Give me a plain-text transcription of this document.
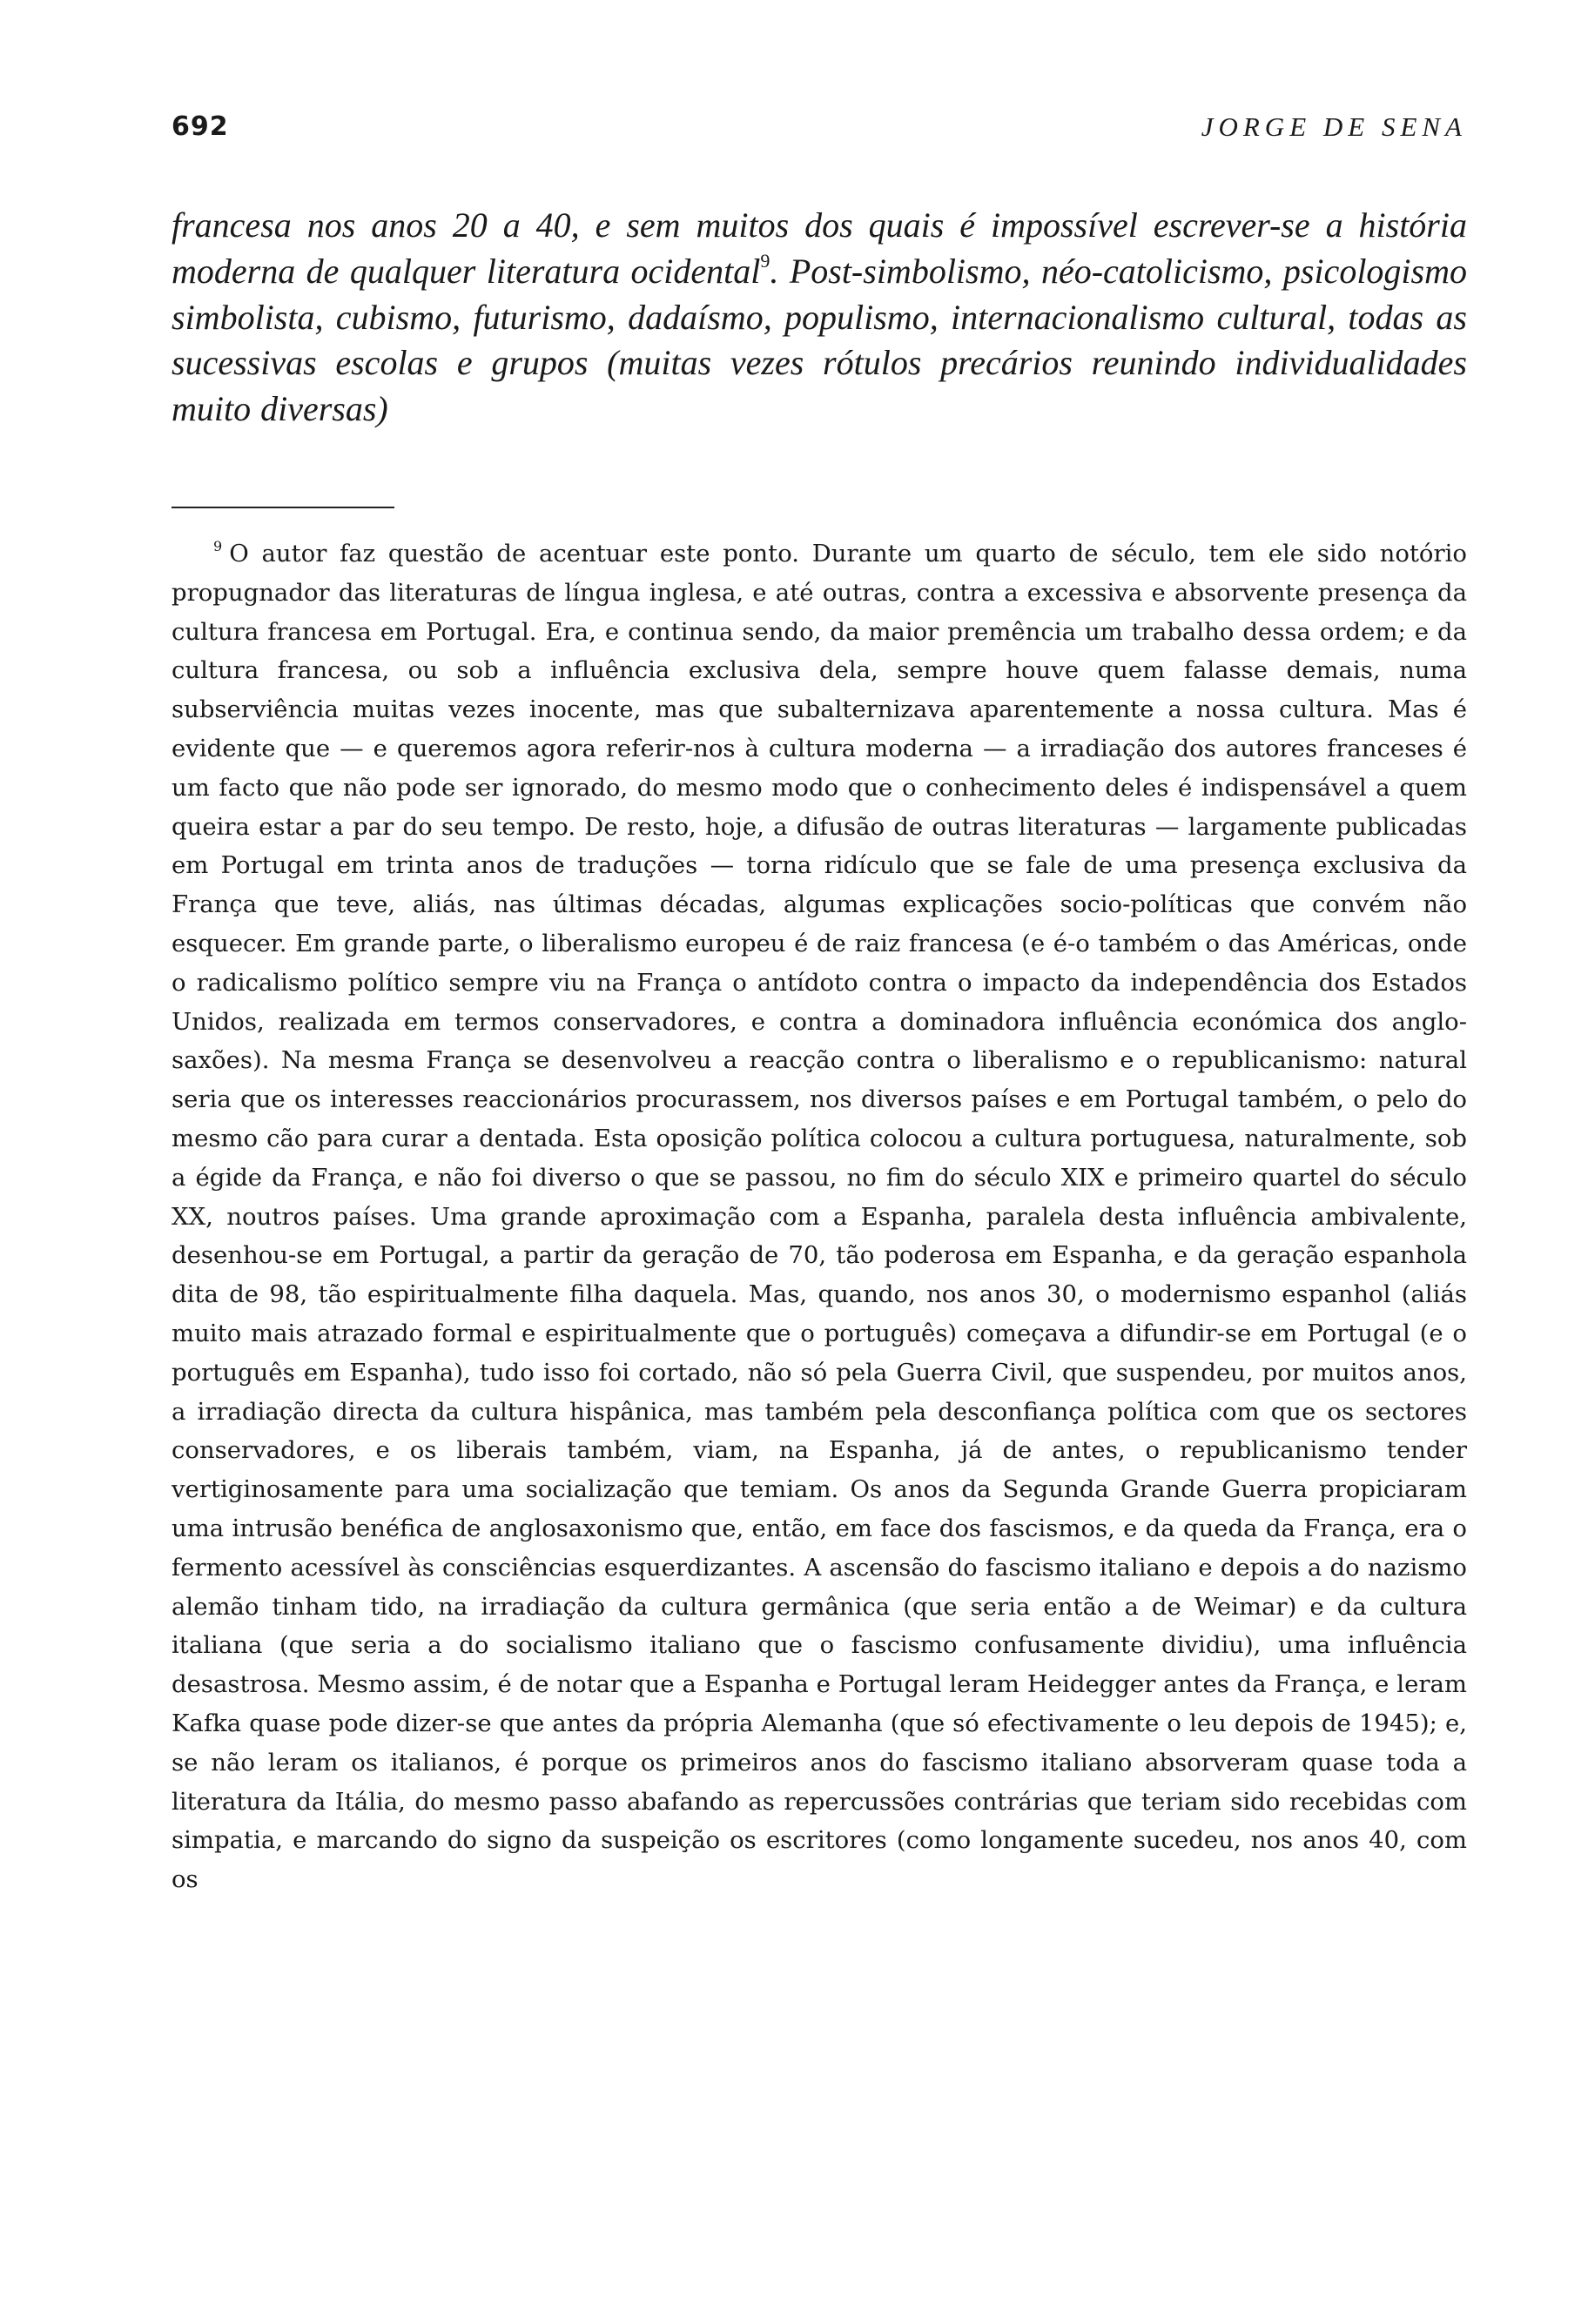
692	JORGE DE SENA

francesa nos anos 20 a 40, e sem muitos dos quais é impossível escrever-se a história moderna de qualquer literatura ocidental$^9$. Post-simbolismo, néo-catolicismo, psicologismo simbolista, cubismo, futurismo, dadaísmo, populismo, internacionalismo cultural, todas as sucessivas escolas e grupos (muitas vezes rótulos precários reunindo individualidades muito diversas)

$^9$ O autor faz questão de acentuar este ponto. Durante um quarto de século, tem ele sido notório propugnador das literaturas de língua inglesa, e até outras, contra a excessiva e absorvente presença da cultura francesa em Portugal. Era, e continua sendo, da maior premência um trabalho dessa ordem; e da cultura francesa, ou sob a influência exclusiva dela, sempre houve quem falasse demais, numa subserviência muitas vezes inocente, mas que subalternizava aparentemente a nossa cultura. Mas é evidente que — e queremos agora referir-nos à cultura moderna — a irradiação dos autores franceses é um facto que não pode ser ignorado, do mesmo modo que o conhecimento deles é indispensável a quem queira estar a par do seu tempo. De resto, hoje, a difusão de outras literaturas — largamente publicadas em Portugal em trinta anos de traduções — torna ridículo que se fale de uma presença exclusiva da França que teve, aliás, nas últimas décadas, algumas explicações socio-políticas que convém não esquecer. Em grande parte, o liberalismo europeu é de raiz francesa (e é-o também o das Américas, onde o radicalismo político sempre viu na França o antídoto contra o impacto da independência dos Estados Unidos, realizada em termos conservadores, e contra a dominadora influência económica dos anglo-saxões). Na mesma França se desenvolveu a reacção contra o liberalismo e o republicanismo: natural seria que os interesses reaccionários procurassem, nos diversos países e em Portugal também, o pelo do mesmo cão para curar a dentada. Esta oposição política colocou a cultura portuguesa, naturalmente, sob a égide da França, e não foi diverso o que se passou, no fim do século XIX e primeiro quartel do século XX, noutros países. Uma grande aproximação com a Espanha, paralela desta influência ambivalente, desenhou-se em Portugal, a partir da geração de 70, tão poderosa em Espanha, e da geração espanhola dita de 98, tão espiritualmente filha daquela. Mas, quando, nos anos 30, o modernismo espanhol (aliás muito mais atrazado formal e espiritualmente que o português) começava a difundir-se em Portugal (e o português em Espanha), tudo isso foi cortado, não só pela Guerra Civil, que suspendeu, por muitos anos, a irradiação directa da cultura hispânica, mas também pela desconfiança política com que os sectores conservadores, e os liberais também, viam, na Espanha, já de antes, o republicanismo tender vertiginosamente para uma socialização que temiam. Os anos da Segunda Grande Guerra propiciaram uma intrusão benéfica de anglosaxonismo que, então, em face dos fascismos, e da queda da França, era o fermento acessível às consciências esquerdizantes. A ascensão do fascismo italiano e depois a do nazismo alemão tinham tido, na irradiação da cultura germânica (que seria então a de Weimar) e da cultura italiana (que seria a do socialismo italiano que o fascismo confusamente dividiu), uma influência desastrosa. Mesmo assim, é de notar que a Espanha e Portugal leram Heidegger antes da França, e leram Kafka quase pode dizer-se que antes da própria Alemanha (que só efectivamente o leu depois de 1945); e, se não leram os italianos, é porque os primeiros anos do fascismo italiano absorveram quase toda a literatura da Itália, do mesmo passo abafando as repercussões contrárias que teriam sido recebidas com simpatia, e marcando do signo da suspeição os escritores (como longamente sucedeu, nos anos 40, com os
